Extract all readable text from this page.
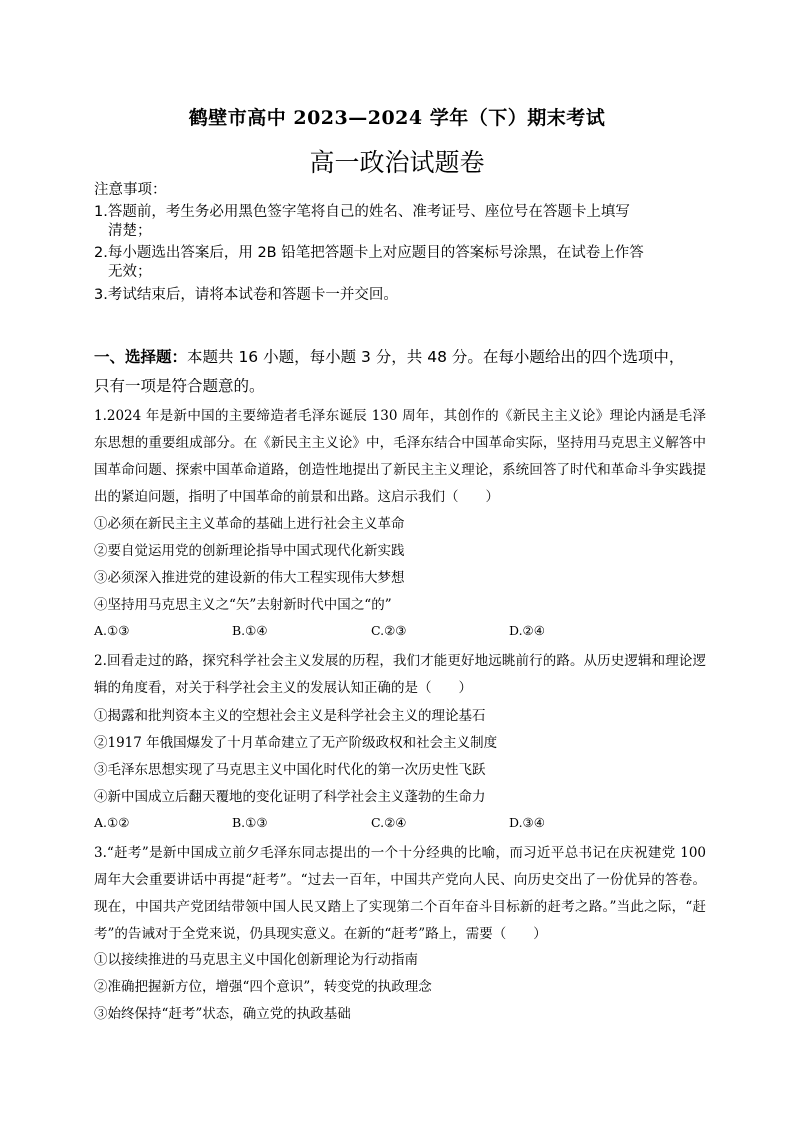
鹤壁市高中 2023—2024 学年（下）期末考试
高一政治试题卷
注意事项：
1.答题前，考生务必用黑色签字笔将自己的姓名、准考证号、座位号在答题卡上填写
清楚；
2.每小题选出答案后，用 2B 铅笔把答题卡上对应题目的答案标号涂黑，在试卷上作答
无效；
3.考试结束后，请将本试卷和答题卡一并交回。
一、选择题：本题共 16 小题，每小题 3 分，共 48 分。在每小题给出的四个选项中，
只有一项是符合题意的。
1.2024 年是新中国的主要缔造者毛泽东诞辰 130 周年，其创作的《新民主主义论》理论内涵是毛泽东思想的重要组成部分。在《新民主主义论》中，毛泽东结合中国革命实际，坚持用马克思主义解答中国革命问题、探索中国革命道路，创造性地提出了新民主主义理论，系统回答了时代和革命斗争实践提出的紧迫问题，指明了中国革命的前景和出路。这启示我们（　　）
①必须在新民主主义革命的基础上进行社会主义革命
②要自觉运用党的创新理论指导中国式现代化新实践
③必须深入推进党的建设新的伟大工程实现伟大梦想
④坚持用马克思主义之“矢”去射新时代中国之“的”
A.①③	B.①④	C.②③	D.②④
2.回看走过的路，探究科学社会主义发展的历程，我们才能更好地远眺前行的路。从历史逻辑和理论逻辑的角度看，对关于科学社会主义的发展认知正确的是（　　）
①揭露和批判资本主义的空想社会主义是科学社会主义的理论基石
②1917 年俄国爆发了十月革命建立了无产阶级政权和社会主义制度
③毛泽东思想实现了马克思主义中国化时代化的第一次历史性飞跃
④新中国成立后翻天覆地的变化证明了科学社会主义蓬勃的生命力
A.①②	B.①③	C.②④	D.③④
3.“赶考”是新中国成立前夕毛泽东同志提出的一个十分经典的比喻，而习近平总书记在庆祝建党 100 周年大会重要讲话中再提“赶考”。“过去一百年，中国共产党向人民、向历史交出了一份优异的答卷。现在，中国共产党团结带领中国人民又踏上了实现第二个百年奋斗目标新的赶考之路。”当此之际，“赶考”的告诫对于全党来说，仍具现实意义。在新的“赶考”路上，需要（　　）
①以接续推进的马克思主义中国化创新理论为行动指南
②准确把握新方位，增强“四个意识”，转变党的执政理念
③始终保持“赶考”状态，确立党的执政基础
